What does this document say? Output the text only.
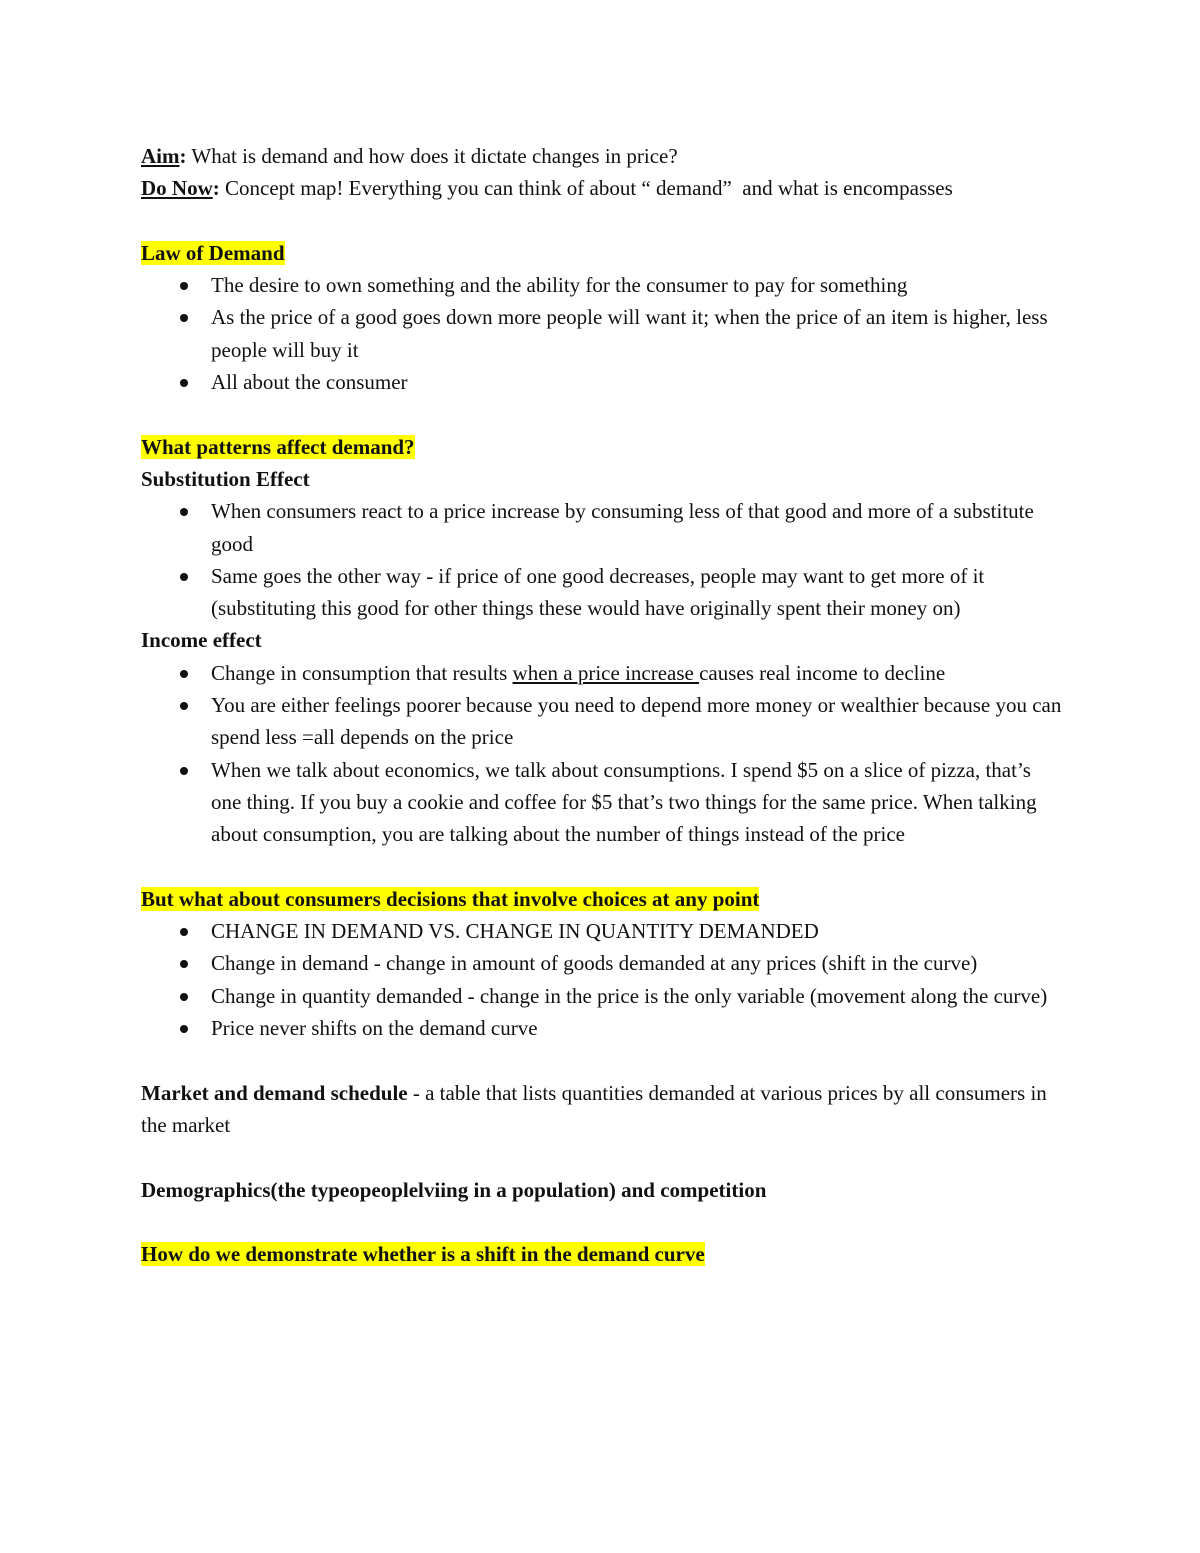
Aim: What is demand and how does it dictate changes in price?

Do Now: Concept map! Everything you can think of about “ demand”  and what is encompasses

Law of Demand

The desire to own something and the ability for the consumer to pay for something
As the price of a good goes down more people will want it; when the price of an item is higher, less people will buy it
All about the consumer

What patterns affect demand?

Substitution Effect

When consumers react to a price increase by consuming less of that good and more of a substitute good
Same goes the other way - if price of one good decreases, people may want to get more of it (substituting this good for other things these would have originally spent their money on)

Income effect

Change in consumption that results when a price increase causes real income to decline
You are either feelings poorer because you need to depend more money or wealthier because you can spend less =all depends on the price
When we talk about economics, we talk about consumptions. I spend $5 on a slice of pizza, that’s one thing. If you buy a cookie and coffee for $5 that’s two things for the same price. When talking about consumption, you are talking about the number of things instead of the price

But what about consumers decisions that involve choices at any point

CHANGE IN DEMAND VS. CHANGE IN QUANTITY DEMANDED
Change in demand - change in amount of goods demanded at any prices (shift in the curve)
Change in quantity demanded - change in the price is the only variable (movement along the curve)
Price never shifts on the demand curve

Market and demand schedule - a table that lists quantities demanded at various prices by all consumers in the market

Demographics(the typeopeoplelviing in a population) and competition

How do we demonstrate whether is a shift in the demand curve
